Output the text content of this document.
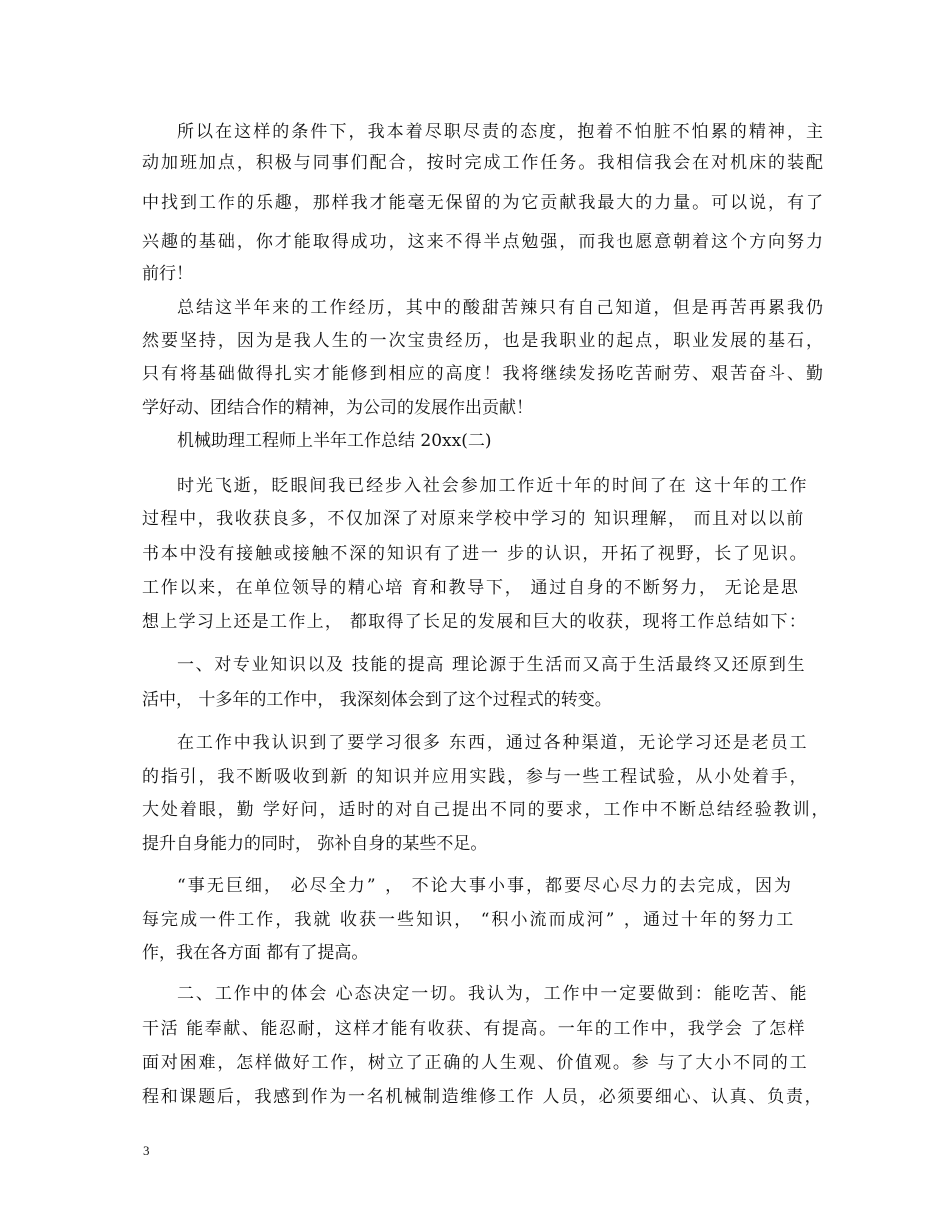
3
所以在这样的条件下，我本着尽职尽责的态度，抱着不怕脏不怕累的精神，主
动加班加点，积极与同事们配合，按时完成工作任务。我相信我会在对机床的装配
中找到工作的乐趣，那样我才能毫无保留的为它贡献我最大的力量。可以说，有了
兴趣的基础，你才能取得成功，这来不得半点勉强，而我也愿意朝着这个方向努力
前行！
总结这半年来的工作经历，其中的酸甜苦辣只有自己知道，但是再苦再累我仍
然要坚持，因为是我人生的一次宝贵经历，也是我职业的起点，职业发展的基石，
只有将基础做得扎实才能修到相应的高度！我将继续发扬吃苦耐劳、艰苦奋斗、勤
学好动、团结合作的精神，为公司的发展作出贡献！
机械助理工程师上半年工作总结 20xx(二)
时光飞逝，眨眼间我已经步入社会参加工作近十年的时间了在 这十年的工作
过程中，我收获良多，不仅加深了对原来学校中学习的 知识理解， 而且对以以前
书本中没有接触或接触不深的知识有了进一 步的认识，开拓了视野，长了见识。
工作以来，在单位领导的精心培 育和教导下， 通过自身的不断努力， 无论是思
想上学习上还是工作上， 都取得了长足的发展和巨大的收获，现将工作总结如下：
一、对专业知识以及 技能的提高 理论源于生活而又高于生活最终又还原到生
活中， 十多年的工作中， 我深刻体会到了这个过程式的转变。
在工作中我认识到了要学习很多 东西，通过各种渠道，无论学习还是老员工
的指引，我不断吸收到新 的知识并应用实践，参与一些工程试验，从小处着手，
大处着眼，勤 学好问，适时的对自己提出不同的要求，工作中不断总结经验教训，
提升自身能力的同时， 弥补自身的某些不足。
“事无巨细， 必尽全力” ， 不论大事小事，都要尽心尽力的去完成，因为
每完成一件工作，我就 收获一些知识， “积小流而成河” ，通过十年的努力工
作，我在各方面 都有了提高。
二、工作中的体会 心态决定一切。我认为，工作中一定要做到：能吃苦、能
干活 能奉献、能忍耐，这样才能有收获、有提高。一年的工作中，我学会 了怎样
面对困难，怎样做好工作，树立了正确的人生观、价值观。参 与了大小不同的工
程和课题后，我感到作为一名机械制造维修工作 人员，必须要细心、认真、负责，
